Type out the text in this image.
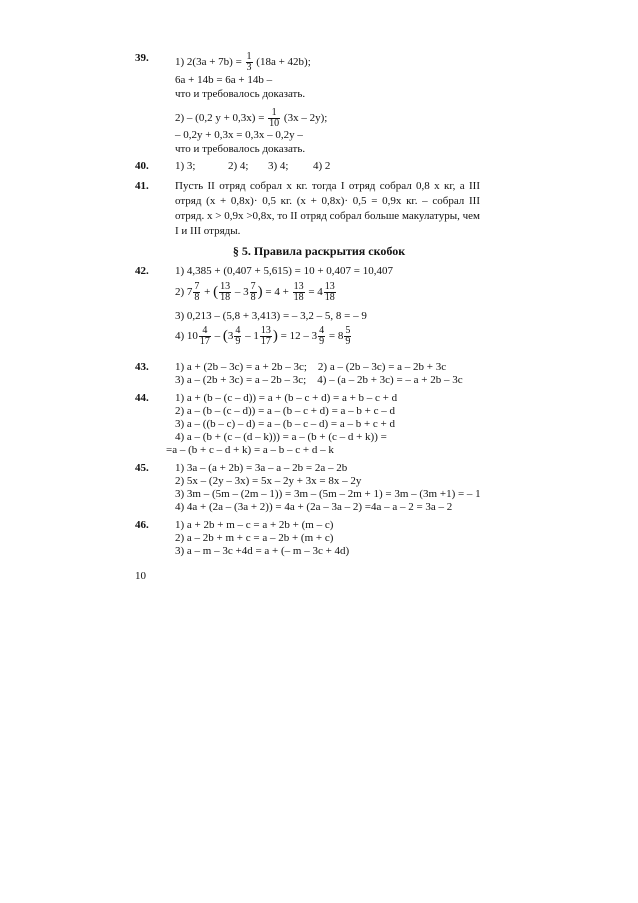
39. 1) $2(3a + 7b) = \frac{1}{3} (18a + 42b)$;
6a + 14b = 6a + 14b –
что и требовалось доказать.
2) – (0,2 $y + 0,3x) = \frac{1}{10} (3x - 2y)$;
– 0,2y + 0,3x = 0,3x – 0,2y –
что и требовалось доказать.
40. 1) 3;	2) 4; 3) 4; 4) 2
41. Пусть II отряд собрал x кг. тогда I отряд собрал 0,8 x кг, а III отряд (x + 0,8x)· 0,5 кг. (x + 0,8x)· 0,5 = 0,9x кг. – собрал III отряд. x > 0,9x >0,8x, то II отряд собрал больше макулатуры, чем I и III отряды.
§ 5. Правила раскрытия скобок
42. 1) 4,385 + (0,407 + 5,615) = 10 + 0,407 = 10,407
2) $7 \frac{7}{8}$ + ( $\frac{13}{18} - 3 \frac{7}{8}$ ) = $4 + \frac{13}{18} = 4 \frac{13}{18}$
3) 0,213 – (5,8 + 3,413) = – 3,2 – 5, 8 = – 9
4) $10 \frac{4}{17} - (3 \frac{4}{9} - 1 \frac{13}{17}$ ) = $12 - 3 \frac{4}{9} = 8 \frac{5}{9}$
43. 1) a + (2b – 3c) = a + 2b – 3c;    2) a – (2b – 3c) = a – 2b + 3c
3) a – (2b + 3c) = a – 2b – 3c;    4) – (a – 2b + 3c) = – a + 2b – 3c
44. 1) a + (b – (c – d)) = a + (b – c + d) = a + b – c + d
2) a – (b – (c – d)) = a – (b – c + d) = a – b + c – d
3) a – ((b – c) – d) = a – (b – c – d) = a – b + c + d
4) a – (b + (c – (d – k))) = a – (b + (c – d + k)) =
=a – (b + c – d + k) = a – b – c + d – k
45. 1) 3a – (a + 2b) = 3a – a – 2b = 2a – 2b
2) 5x – (2y – 3x) = 5x – 2y + 3x = 8x – 2y
3) 3m – (5m – (2m – 1)) = 3m – (5m – 2m + 1) = 3m – (3m +1) = – 1
4) 4a + (2a – (3a + 2)) = 4a + (2a – 3a – 2) =4a – a – 2 = 3a – 2
46. 1) a + 2b + m – c = a + 2b + (m – c)
2) a – 2b + m + c = a – 2b + (m + c)
3) a – m – 3c +4d = a + (– m – 3c + 4d)
10
